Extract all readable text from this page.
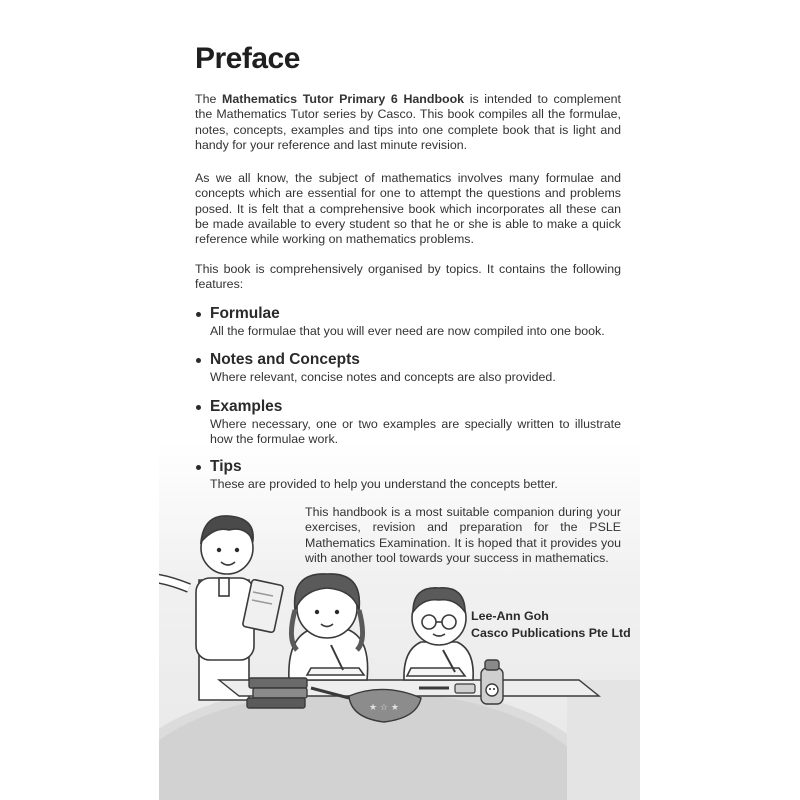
Preface

The Mathematics Tutor Primary 6 Handbook is intended to complement the Mathematics Tutor series by Casco. This book compiles all the formulae, notes, concepts, examples and tips into one complete book that is light and handy for your reference and last minute revision.

As we all know, the subject of mathematics involves many formulae and concepts which are essential for one to attempt the questions and problems posed. It is felt that a comprehensive book which incorporates all these can be made available to every student so that he or she is able to make a quick reference while working on mathematics problems.

This book is comprehensively organised by topics. It contains the following features:

Formulae

All the formulae that you will ever need are now compiled into one book.

Notes and Concepts

Where relevant, concise notes and concepts are also provided.

Examples

Where necessary, one or two examples are specially written to illustrate how the formulae work.

Tips

These are provided to help you understand the concepts better.

★ ☆ ★

This handbook is a most suitable companion during your exercises, revision and preparation for the PSLE Mathematics Examination. It is hoped that it provides you with another tool towards your success in mathematics.

Lee-Ann Goh
Casco Publications Pte Ltd
